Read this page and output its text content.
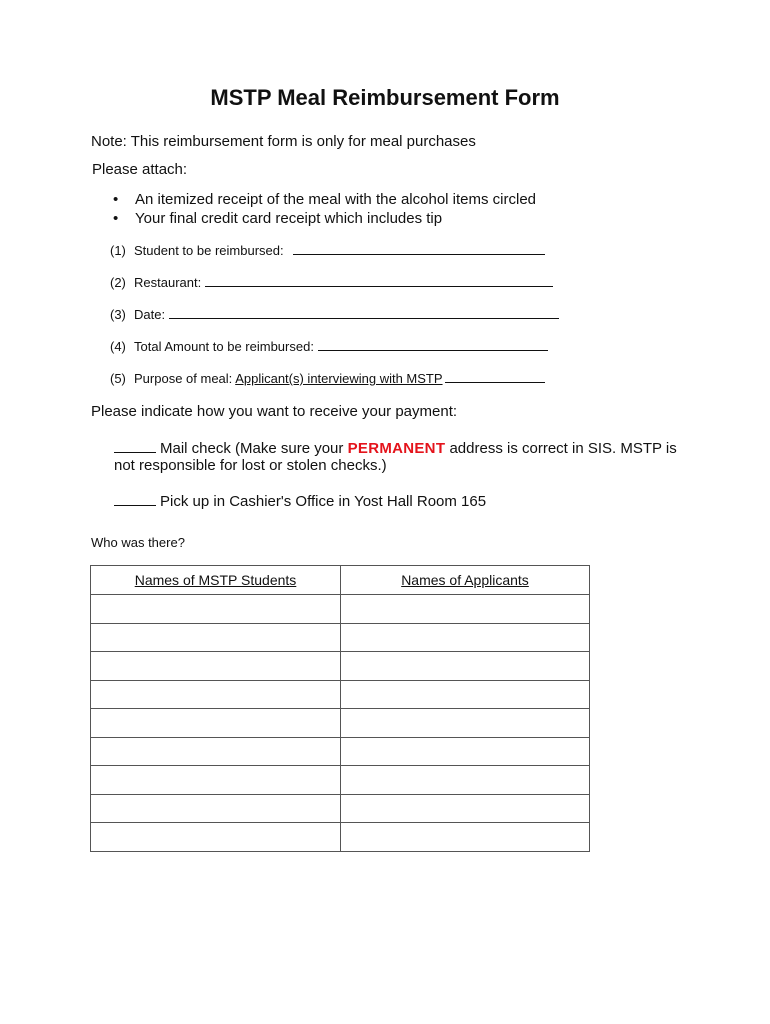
MSTP Meal Reimbursement Form
Note: This reimbursement form is only for meal purchases
Please attach:
• An itemized receipt of the meal with the alcohol items circled
• Your final credit card receipt which includes tip
(1) Student to be reimbursed:
(2) Restaurant:
(3) Date:
(4) Total Amount to be reimbursed:
(5) Purpose of meal: Applicant(s) interviewing with MSTP
Please indicate how you want to receive your payment:
Mail check (Make sure your PERMANENT address is correct in SIS. MSTP is
not responsible for lost or stolen checks.)
Pick up in Cashier's Office in Yost Hall Room 165
Who was there?
Names of MSTP Students	Names of Applicants
